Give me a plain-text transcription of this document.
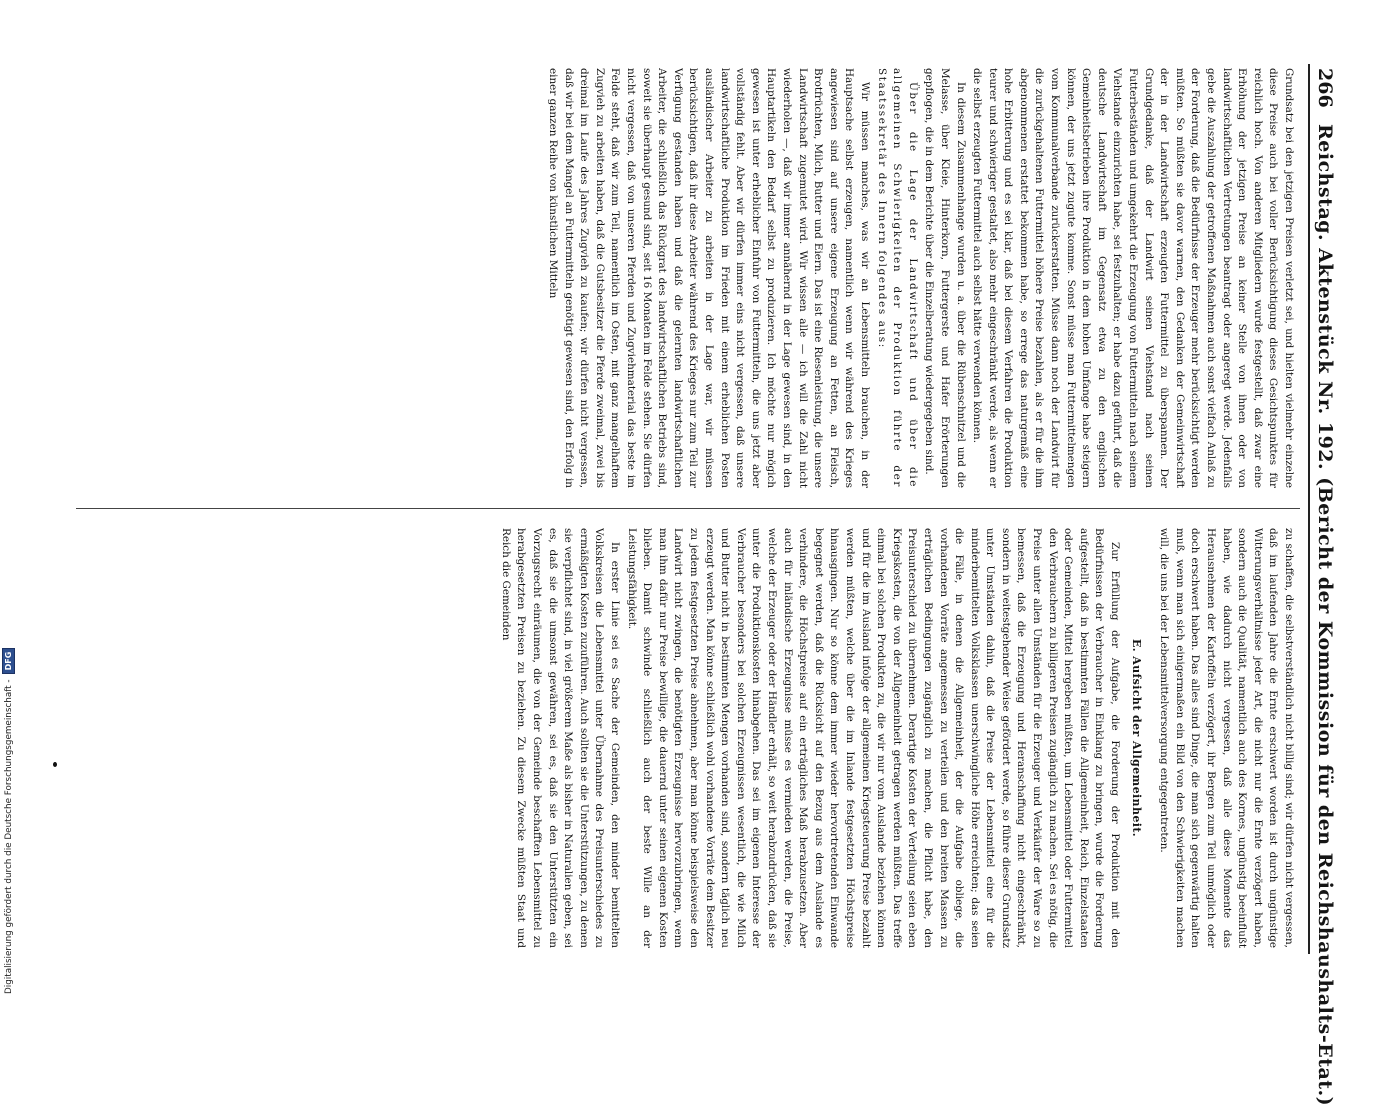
266
Reichstag. Aktenstück Nr. 192. (Bericht der Kommission für den Reichshaushalts-Etat.)

Grundsatz bei den jetzigen Preisen verletzt sei, und hielten vielmehr einzelne diese Preise auch bei voller Berücksichtigung dieses Gesichtspunktes für reichlich hoch. Von anderen Mitgliedern wurde festgestellt, daß zwar eine Erhöhung der jetzigen Preise an keiner Stelle von ihnen oder von landwirtschaftlichen Vertretungen beantragt oder angeregt werde. Jedenfalls gebe die Auszahlung der getroffenen Maßnahmen auch sonst vielfach Anlaß zu der Forderung, daß die Bedürfnisse der Erzeuger mehr berücksichtigt werden müßten. So müßten sie davor warnen, den Gedanken der Gemeinwirtschaft der in der Landwirtschaft erzeugten Futtermittel zu überspannen. Der Grundgedanke, daß der Landwirt seinen Viehstand nach seinen Futterbeständen und umgekehrt die Erzeugung von Futtermitteln nach seinem Viehstande einzurichten habe, sei festzuhalten; er habe dazu geführt, daß die deutsche Landwirtschaft im Gegensatz etwa zu den englischen Gemeinheitsbetrieben ihre Produktion in dem hohen Umfange habe steigern können, der uns jetzt zugute komme. Sonst müsse man Futtermittelmengen vom Kommunalverbande zurückerstatten. Müsse dann noch der Landwirt für die zurückgehaltenen Futtermittel höhere Preise bezahlen, als er für die ihm abgenommenen erstattet bekommen habe, so errege das naturgemäß eine hohe Erbitterung und es sei klar, daß bei diesem Verfahren die Produktion teurer und schwieriger gestaltet, also mehr eingeschränkt werde, als wenn er die selbst erzeugten Futtermittel auch selbst hätte verwenden können.

In diesem Zusammenhange wurden u. a. über die Rübenschnitzel und die Melasse, über Kleie, Hinterkorn, Futtergerste und Hafer Erörterungen gepflogen, die in dem Berichte über die Einzelberatung wiedergegeben sind.

Über die Lage der Landwirtschaft und über die allgemeinen Schwierigkeiten der Produktion führte der Staatssekretär des Innern folgendes aus:

Wir müssen manches, was wir an Lebensmitteln brauchen, in der Hauptsache selbst erzeugen, namentlich wenn wir während des Krieges angewiesen sind auf unsere eigene Erzeugung an Fetten, an Fleisch, Brotfrüchten, Milch, Butter und Eiern. Das ist eine Riesenleistung, die unsere Landwirtschaft zugemutet wird. Wir wissen alle — ich will die Zahl nicht wiederholen —, daß wir immer annähernd in der Lage gewesen sind, in den Hauptartikeln den Bedarf selbst zu produzieren. Ich möchte nur mögich gewesen ist unter erheblicher Einfuhr von Futtermitteln, die uns jetzt aber vollständig fehlt. Aber wir dürfen immer eins nicht vergessen, daß unsere landwirtschaftliche Produktion im Frieden mit einem erheblichen Posten ausländischer Arbeiter zu arbeiten in der Lage war, wir müssen berücksichtigen, daß ihr diese Arbeiter während des Krieges nur zum Teil zur Verfügung gestanden haben und daß die gelernten landwirtschaftlichen Arbeiter, die schließlich das Rückgrat des landwirtschaftlichen Betriebs sind, soweit sie überhaupt gesund sind, seit 16 Monaten im Felde stehen. Sie dürfen nicht vergessen, daß von unseren Pferden und Zugviehmaterial das beste im Felde steht, daß wir zum Teil, namentlich im Osten, mit ganz mangelhaftem Zugvieh zu arbeiten haben, daß die Gutsbesitzer die Pferde zweimal, zwei bis dreimal im Laufe des Jahres Zugvieh zu kaufen; wir dürfen nicht vergessen, daß wir bei dem Mangel an Futtermitteln genötigt gewesen sind, den Erfolg in einer ganzen Reihe von künstlichen Mitteln

zu schaffen, die selbstverständlich nicht billig sind; wir dürfen nicht vergessen, daß im laufenden Jahre die Ernte erschwert worden ist durch ungünstige Witterungsverhältnisse jeder Art, die nicht nur die Ernte verzögert haben, sondern auch die Qualität, namentlich auch des Kornes, ungünstig beeinflußt haben, wie dadurch nicht vergessen, daß alle diese Momente das Herausnehmen der Kartoffeln verzögert, ihr Bergen zum Teil unmöglich oder doch erschwert haben. Das alles sind Dinge, die man sich gegenwärtig halten muß, wenn man sich einigermaßen ein Bild von den Schwierigkeiten machen will, die uns bei der Lebensmittelversorgung entgegentreten.

E. Aufsicht der Allgemeinheit.

Zur Erfüllung der Aufgabe, die Forderung der Produktion mit den Bedürfnissen der Verbraucher in Einklang zu bringen, wurde die Forderung aufgestellt, daß in bestimmten Fällen die Allgemeinheit, Reich, Einzelstaaten oder Gemeinden, Mittel hergeben müßten, um Lebensmittel oder Futtermittel den Verbrauchern zu billigeren Preisen zugänglich zu machen. Sei es nötig, die Preise unter allen Umständen für die Erzeuger und Verkäufer der Ware so zu bemessen, daß die Erzeugung und Heranschaffung nicht eingeschränkt, sondern in weitestgehender Weise gefördert werde, so führe dieser Grundsatz unter Umständen dahin, daß die Preise der Lebensmittel eine für die minderbemittelten Volksklassen unerschwingliche Höhe erreichten; das seien die Fälle, in denen die Allgemeinheit, der die Aufgabe obliege, die vorhandenen Vorräte angemessen zu verteilen und den breiten Massen zu erträglichen Bedingungen zugänglich zu machen, die Pflicht habe, den Preisunterschied zu übernehmen. Derartige Kosten der Verteilung seien eben Kriegskosten, die von der Allgemeinheit getragen werden müßten. Das treffe einmal bei solchen Produkten zu, die wir nur vom Auslande beziehen können und für die im Ausland infolge der allgemeinen Kriegsteuerung Preise bezahlt werden müßten, welche über die im Inlande festgesetzten Höchstpreise hinausgingen. Nur so könne dem immer wieder hervortretenden Einwande begegnet werden, daß die Rücksicht auf den Bezug aus dem Auslande es verhindere, die Höchstpreise auf ein erträgliches Maß herabzusetzen. Aber auch für inländische Erzeugnisse müsse es vermieden werden, die Preise, welche der Erzeuger oder der Händler erhält, so weit herabzudrücken, daß sie unter die Produktionskosten hinabgehen. Das sei im eigenen Interesse der Verbraucher besonders bei solchen Erzeugnissen wesentlich, die wie Milch und Butter nicht in bestimmten Mengen vorhanden sind, sondern täglich neu erzeugt werden. Man könne schließlich wohl vorhandene Vorräte dem Besitzer zu jedem festgesetzten Preise abnehmen, aber man könne beispielsweise den Landwirt nicht zwingen, die benötigten Erzeugnisse hervorzubringen, wenn man ihm dafür nur Preise bewillige, die dauernd unter seinen eigenen Kosten blieben. Damit schwinde schließlich auch der beste Wille an der Leistungsfähigkeit.

In erster Linie sei es Sache der Gemeinden, den minder bemittelten Volkskreisen die Lebensmittel unter Übernahme des Preisunterschiedes zu ermäßigten Kosten zuzuführen. Auch sollten sie die Unterstützungen, zu denen sie verpflichtet sind, in viel größerem Maße als bisher in Naturalien geben, sei es, daß sie die umsonst gewähren, sei es, daß sie den Unterstützten ein Vorzugsrecht einräumen, die von der Gemeinde beschafften Lebensmittel zu herabgesetzten Preisen zu beziehen. Zu diesem Zwecke müßten Staat und Reich die Gemeinden

Digitalisierung gefördert durch die Deutsche Forschungsgemeinschaft -
DFG
